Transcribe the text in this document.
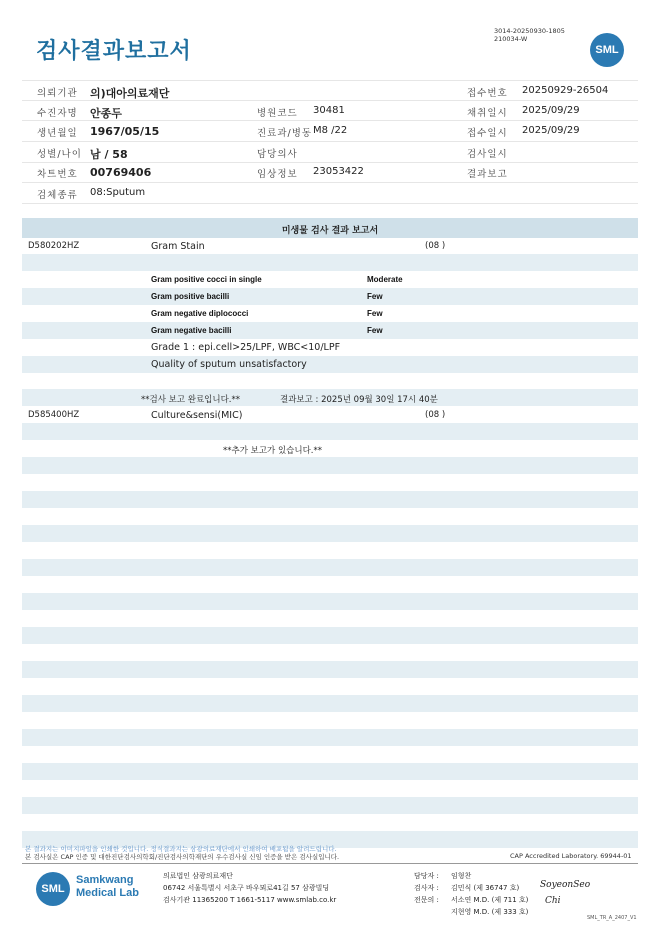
검사결과보고서
3014-20250930-1805
210034-W
SML
의뢰기관 의)대아의료재단	접수번호 20250929-26504
수진자명 안종두	병원코드 30481	채취일시 2025/09/29
생년월일 1967/05/15	진료과/병동 M8 /22	접수일시 2025/09/29
성별/나이 남 / 58	담당의사	검사일시
차트번호 00769406	임상정보 23053422	결과보고
검체종류 08:Sputum
미생물 검사 결과 보고서
D580202HZ	Gram Stain	(08 )
Gram positive cocci in single	Moderate
Gram positive bacilli	Few
Gram negative diplococci	Few
Gram negative bacilli	Few
Grade 1 : epi.cell>25/LPF, WBC<10/LPF
Quality of sputum unsatisfactory
**검사 보고 완료입니다.**	결과보고 : 2025년 09월 30일 17시 40분
D585400HZ	Culture&sensi(MIC)	(08 )
**추가 보고가 있습니다.**
본 결과지는 이미지파일을 인쇄한 것입니다. 정식결과지는 삼광의료재단에서 인쇄하여 배포됨을 알려드립니다.
본 검사실은 CAP 인증 및 대한진단검사의학회/진단검사의학재단의 우수검사실 신임 인증을 받은 검사실입니다.	CAP Accredited Laboratory. 69944-01
SML
Samkwang
Medical Lab
의료법인 삼광의료재단
06742 서울특별시 서초구 바우뫼로41길 57 삼광빌딩
검사기관 11365200 T 1661-5117 www.smlab.co.kr
담당자 : 임형찬
검사자 : 김민식 (제 36747 호)
전문의 : 서소연 M.D. (제 711 호)
지현영 M.D. (제 333 호)
SoyeonSeo
Chi
SML_TR_A_2407_V1
